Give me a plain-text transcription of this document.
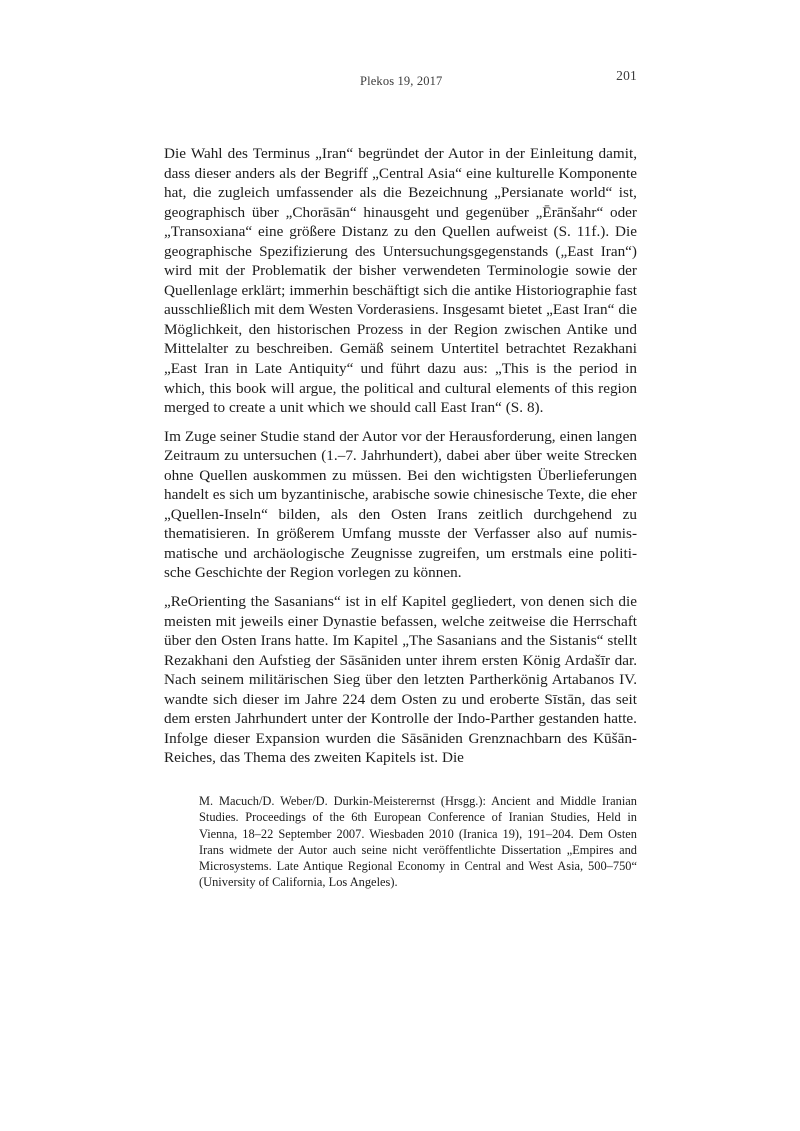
Plekos 19, 2017	201

Die Wahl des Terminus „Iran“ begründet der Autor in der Einleitung damit, dass dieser anders als der Begriff „Central Asia“ eine kulturelle Komponente hat, die zugleich umfassender als die Bezeichnung „Persianate world“ ist, geographisch über „Chorāsān“ hinausgeht und gegenüber „Ērānšahr“ oder „Transoxiana“ eine größere Distanz zu den Quellen aufweist (S. 11f.). Die geographische Spezifizierung des Untersuchungsgegenstands („East Iran“) wird mit der Problematik der bisher verwendeten Terminologie sowie der Quellenlage erklärt; immerhin beschäftigt sich die antike Historiographie fast ausschließlich mit dem Westen Vorderasiens. Insgesamt bietet „East Iran“ die Möglichkeit, den historischen Prozess in der Region zwischen Antike und Mittelalter zu beschreiben. Gemäß seinem Untertitel betrachtet Rezakhani „East Iran in Late Antiquity“ und führt dazu aus: „This is the period in which, this book will argue, the political and cultural elements of this region merged to create a unit which we should call East Iran“ (S. 8).

Im Zuge seiner Studie stand der Autor vor der Herausforderung, einen langen Zeitraum zu untersuchen (1.–7. Jahrhundert), dabei aber über weite Strecken ohne Quellen auskommen zu müssen. Bei den wichtigsten Überlieferungen handelt es sich um byzantinische, arabische sowie chinesische Texte, die eher „Quellen-Inseln“ bilden, als den Osten Irans zeitlich durchgehend zu thematisieren. In größerem Umfang musste der Verfasser also auf numismatische und archäologische Zeugnisse zugreifen, um erstmals eine politische Geschichte der Region vorlegen zu können.

„ReOrienting the Sasanians“ ist in elf Kapitel gegliedert, von denen sich die meisten mit jeweils einer Dynastie befassen, welche zeitweise die Herrschaft über den Osten Irans hatte. Im Kapitel „The Sasanians and the Sistanis“ stellt Rezakhani den Aufstieg der Sāsāniden unter ihrem ersten König Ardašīr dar. Nach seinem militärischen Sieg über den letzten Partherkönig Artabanos IV. wandte sich dieser im Jahre 224 dem Osten zu und eroberte Sīstān, das seit dem ersten Jahrhundert unter der Kontrolle der Indo-Parther gestanden hatte. Infolge dieser Expansion wurden die Sāsāniden Grenznachbarn des Kūšān-Reiches, das Thema des zweiten Kapitels ist. Die

M. Macuch/D. Weber/D. Durkin-Meisterernst (Hrsgg.): Ancient and Middle Iranian Studies. Proceedings of the 6th European Conference of Iranian Studies, Held in Vienna, 18–22 September 2007. Wiesbaden 2010 (Iranica 19), 191–204. Dem Osten Irans widmete der Autor auch seine nicht veröffentlichte Dissertation „Empires and Microsystems. Late Antique Regional Economy in Central and West Asia, 500–750“ (University of California, Los Angeles).
